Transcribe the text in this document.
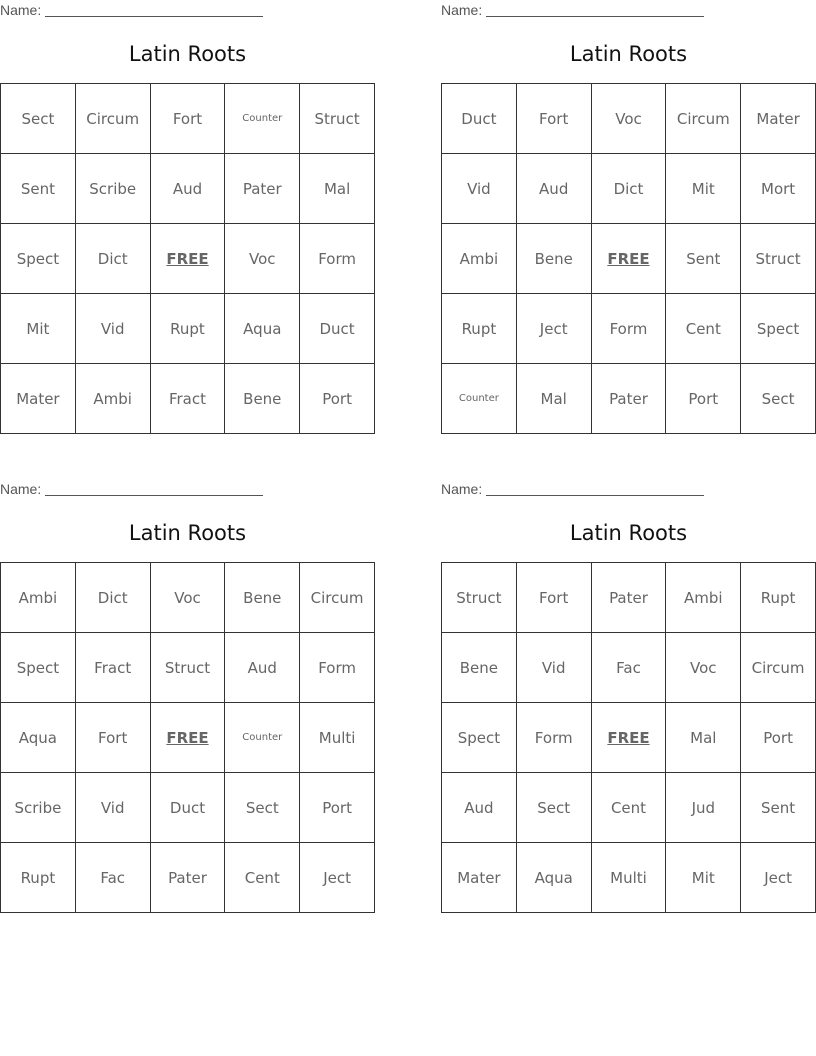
Name:
Latin Roots
Sect	Circum	Fort	Counter	Struct
Sent	Scribe	Aud	Pater	Mal
Spect	Dict	FREE	Voc	Form
Mit	Vid	Rupt	Aqua	Duct
Mater	Ambi	Fract	Bene	Port
Name:
Latin Roots
Duct	Fort	Voc	Circum	Mater
Vid	Aud	Dict	Mit	Mort
Ambi	Bene	FREE	Sent	Struct
Rupt	Ject	Form	Cent	Spect
Counter	Mal	Pater	Port	Sect
Name:
Latin Roots
Ambi	Dict	Voc	Bene	Circum
Spect	Fract	Struct	Aud	Form
Aqua	Fort	FREE	Counter	Multi
Scribe	Vid	Duct	Sect	Port
Rupt	Fac	Pater	Cent	Ject
Name:
Latin Roots
Struct	Fort	Pater	Ambi	Rupt
Bene	Vid	Fac	Voc	Circum
Spect	Form	FREE	Mal	Port
Aud	Sect	Cent	Jud	Sent
Mater	Aqua	Multi	Mit	Ject
